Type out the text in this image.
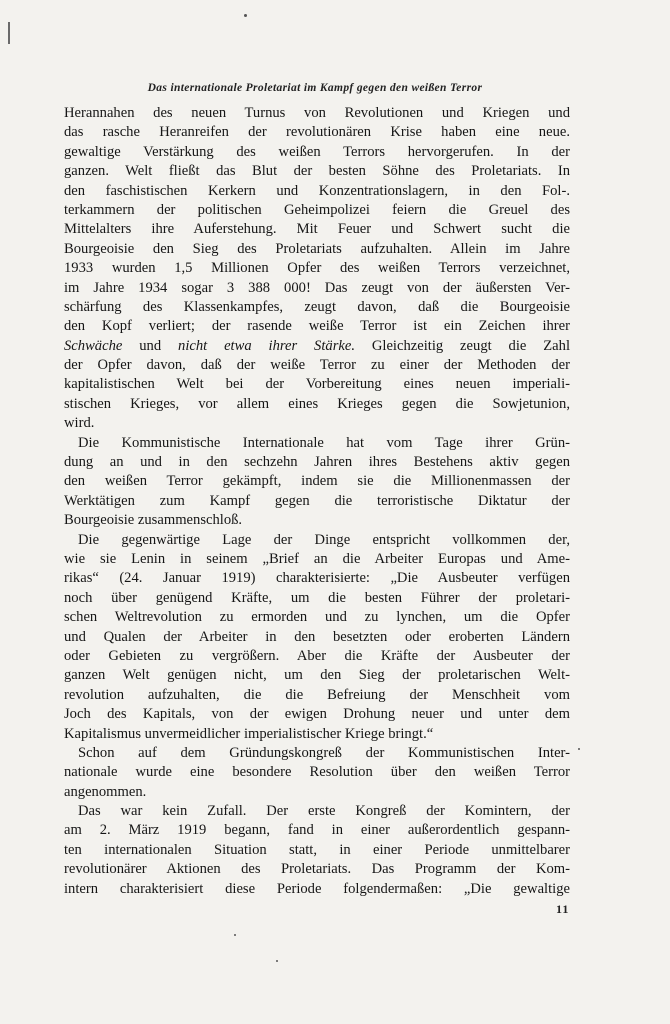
Das internationale Proletariat im Kampf gegen den weißen Terror
Herannahen des neuen Turnus von Revolutionen und Kriegen und
das rasche Heranreifen der revolutionären Krise haben eine neue.
gewaltige Verstärkung des weißen Terrors hervorgerufen. In der
ganzen. Welt fließt das Blut der besten Söhne des Proletariats. In
den faschistischen Kerkern und Konzentrationslagern, in den Fol-.
terkammern der politischen Geheimpolizei feiern die Greuel des
Mittelalters ihre Auferstehung. Mit Feuer und Schwert sucht die
Bourgeoisie den Sieg des Proletariats aufzuhalten. Allein im Jahre
1933 wurden 1,5 Millionen Opfer des weißen Terrors verzeichnet,
im Jahre 1934 sogar 3 388 000! Das zeugt von der äußersten Ver-
schärfung des Klassenkampfes, zeugt davon, daß die Bourgeoisie
den Kopf verliert; der rasende weiße Terror ist ein Zeichen ihrer
Schwäche und nicht etwa ihrer Stärke. Gleichzeitig zeugt die Zahl
der Opfer davon, daß der weiße Terror zu einer der Methoden der
kapitalistischen Welt bei der Vorbereitung eines neuen imperiali-
stischen Krieges, vor allem eines Krieges gegen die Sowjetunion,
wird.
Die Kommunistische Internationale hat vom Tage ihrer Grün-
dung an und in den sechzehn Jahren ihres Bestehens aktiv gegen
den weißen Terror gekämpft, indem sie die Millionenmassen der
Werktätigen zum Kampf gegen die terroristische Diktatur der
Bourgeoisie zusammenschloß.
Die gegenwärtige Lage der Dinge entspricht vollkommen der,
wie sie Lenin in seinem „Brief an die Arbeiter Europas und Ame-
rikas“ (24. Januar 1919) charakterisierte: „Die Ausbeuter verfügen
noch über genügend Kräfte, um die besten Führer der proletari-
schen Weltrevolution zu ermorden und zu lynchen, um die Opfer
und Qualen der Arbeiter in den besetzten oder eroberten Ländern
oder Gebieten zu vergrößern. Aber die Kräfte der Ausbeuter der
ganzen Welt genügen nicht, um den Sieg der proletarischen Welt-
revolution aufzuhalten, die die Befreiung der Menschheit vom
Joch des Kapitals, von der ewigen Drohung neuer und unter dem
Kapitalismus unvermeidlicher imperialistischer Kriege bringt.“
Schon auf dem Gründungskongreß der Kommunistischen Inter-
nationale wurde eine besondere Resolution über den weißen Terror
angenommen.
Das war kein Zufall. Der erste Kongreß der Komintern, der
am 2. März 1919 begann, fand in einer außerordentlich gespann-
ten internationalen Situation statt, in einer Periode unmittelbarer
revolutionärer Aktionen des Proletariats. Das Programm der Kom-
intern charakterisiert diese Periode folgendermaßen: „Die gewaltige
11
